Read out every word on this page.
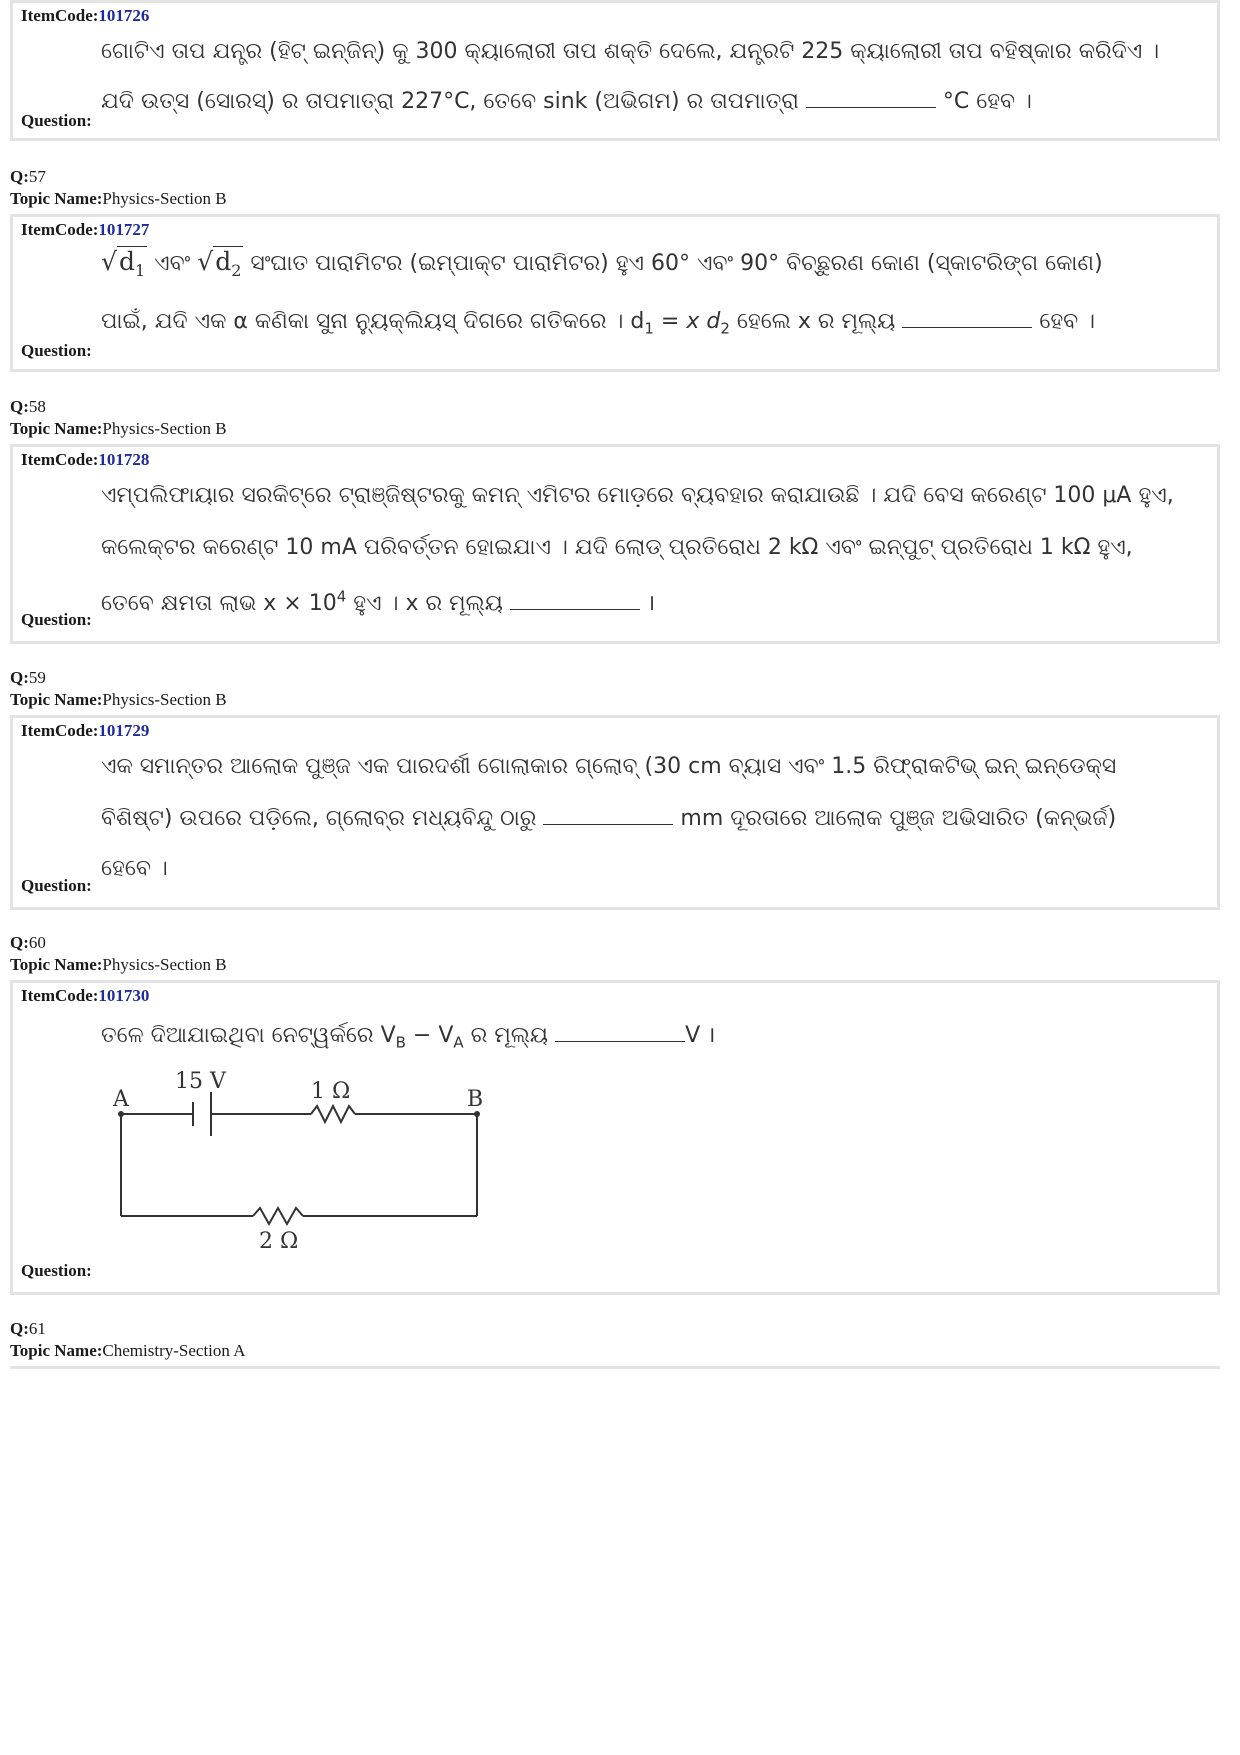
ItemCode:101726
ଗୋଟିଏ ତାପ ଯନ୍ତ୍ର (ହିଟ୍ ଇନ୍‌ଜିନ୍) କୁ 300 କ୍ୟାଲୋରୀ ତାପ ଶକ୍ତି ଦେଲେ, ଯନ୍ତ୍ରଟି 225 କ୍ୟାଲୋରୀ ତାପ ବହିଷ୍କାର କରିଦିଏ ।
ଯଦି ଉତ୍ସ (ସୋରସ୍) ର ତାପମାତ୍ରା 227°C, ତେବେ sink (ଅଭିଗମ) ର ତାପମାତ୍ରା	°C ହେବ ।
Question:
Q:57
Topic Name:Physics-Section B
ItemCode:101727
$√d_1$ ଏବଂ $√d_2$ ସଂଘାତ ପାରାମିଟର (ଇମ୍ପାକ୍ଟ ପାରାମିଟର) ହୁଏ 60° ଏବଂ 90° ବିଚ୍ଛୁରଣ କୋଣ (ସ୍କାଟରିଙ୍ଗ କୋଣ)
ପାଇଁ, ଯଦି ଏକ α କଣିକା ସୁନା ନ୍ୟୁକ୍ଲିୟସ୍ ଦିଗରେ ଗତିକରେ । $d_1 = x$ $d_2$ ହେଲେ x ର ମୂଲ୍ୟ	ହେବ ।
Question:
Q:58
Topic Name:Physics-Section B
ItemCode:101728
ଏମ୍ପଲିଫାୟାର ସରକିଟ୍‌ରେ ଟ୍ରାଞ୍ଜିଷ୍ଟରକୁ କମନ୍ ଏମିଟର ମୋଡ଼ରେ ବ୍ୟବହାର କରାଯାଉଛି । ଯଦି ବେସ କରେଣ୍ଟ 100 μA ହୁଏ,
କଲେକ୍ଟର କରେଣ୍ଟ 10 mA ପରିବର୍ତ୍ତନ ହୋଇଯାଏ । ଯଦି ଲୋଡ୍ ପ୍ରତିରୋଧ 2 kΩ ଏବଂ ଇନ୍‌ପୁଟ୍ ପ୍ରତିରୋଧ 1 kΩ ହୁଏ,
ତେବେ କ୍ଷମତା ଲାଭ $x \times 10^4$ ହୁଏ । x ର ମୂଲ୍ୟ	।
Question:
Q:59
Topic Name:Physics-Section B
ItemCode:101729
ଏକ ସମାନ୍ତର ଆଲୋକ ପୁଞ୍ଜ ଏକ ପାରଦର୍ଶୀ ଗୋଲାକାର ଗ୍ଲୋବ୍ (30 cm ବ୍ୟାସ ଏବଂ 1.5 ରିଫ୍ରାକଟିଭ୍ ଇନ୍ ଇନ୍‌ଡେକ୍ସ
ବିଶିଷ୍ଟ) ଉପରେ ପଡ଼ିଲେ, ଗ୍ଲୋବ୍‌ର ମଧ୍ୟବିନ୍ଦୁ ଠାରୁ	mm ଦୂରତାରେ ଆଲୋକ ପୁଞ୍ଜ ଅଭିସାରିତ (କନ୍‌ଭର୍ଜ)
ହେବେ ।
Question:
Q:60
Topic Name:Physics-Section B
ItemCode:101730
ତଳେ ଦିଆଯାଇଥିବା ନେଟ୍‌ୱର୍କରେ $V_B - V_A$ ର ମୂଲ୍ୟ	V ।
A	B
15 V	1 Ω
2 Ω
Question:
Q:61
Topic Name:Chemistry-Section A
